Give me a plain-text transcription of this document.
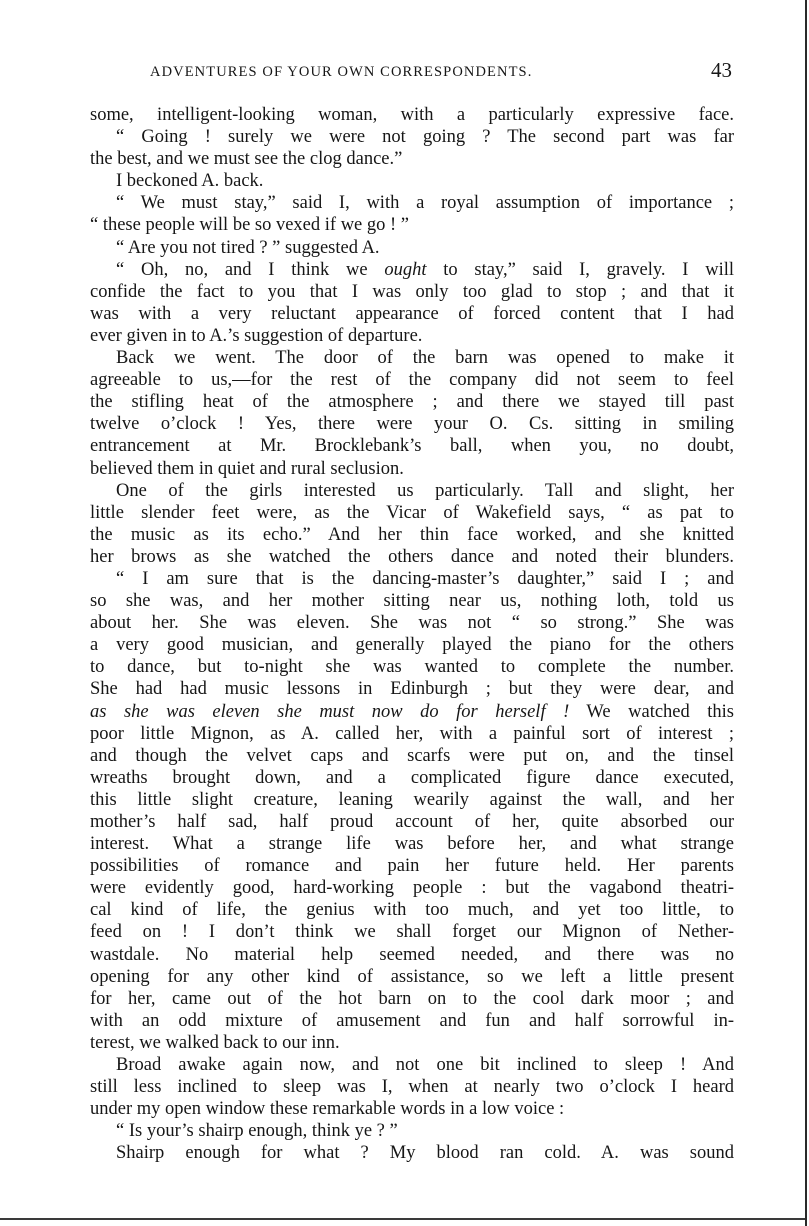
ADVENTURES OF YOUR OWN CORRESPONDENTS.	43
some, intelligent-looking woman, with a particularly expressive face.
“ Going ! surely we were not going ? The second part was far
the best, and we must see the clog dance.”
I beckoned A. back.
“ We must stay,” said I, with a royal assumption of importance ;
“ these people will be so vexed if we go ! ”
“ Are you not tired ? ” suggested A.
“ Oh, no, and I think we ought to stay,” said I, gravely. I will
confide the fact to you that I was only too glad to stop ; and that it
was with a very reluctant appearance of forced content that I had
ever given in to A.’s suggestion of departure.
Back we went. The door of the barn was opened to make it
agreeable to us,—for the rest of the company did not seem to feel
the stifling heat of the atmosphere ; and there we stayed till past
twelve o’clock ! Yes, there were your O. Cs. sitting in smiling
entrancement at Mr. Brocklebank’s ball, when you, no doubt,
believed them in quiet and rural seclusion.
One of the girls interested us particularly. Tall and slight, her
little slender feet were, as the Vicar of Wakefield says, “ as pat to
the music as its echo.” And her thin face worked, and she knitted
her brows as she watched the others dance and noted their blunders.
“ I am sure that is the dancing-master’s daughter,” said I ; and
so she was, and her mother sitting near us, nothing loth, told us
about her. She was eleven. She was not “ so strong.” She was
a very good musician, and generally played the piano for the others
to dance, but to-night she was wanted to complete the number.
She had had music lessons in Edinburgh ; but they were dear, and
as she was eleven she must now do for herself ! We watched this
poor little Mignon, as A. called her, with a painful sort of interest ;
and though the velvet caps and scarfs were put on, and the tinsel
wreaths brought down, and a complicated figure dance executed,
this little slight creature, leaning wearily against the wall, and her
mother’s half sad, half proud account of her, quite absorbed our
interest. What a strange life was before her, and what strange
possibilities of romance and pain her future held. Her parents
were evidently good, hard-working people : but the vagabond theatri-
cal kind of life, the genius with too much, and yet too little, to
feed on ! I don’t think we shall forget our Mignon of Nether-
wastdale. No material help seemed needed, and there was no
opening for any other kind of assistance, so we left a little present
for her, came out of the hot barn on to the cool dark moor ; and
with an odd mixture of amusement and fun and half sorrowful in-
terest, we walked back to our inn.
Broad awake again now, and not one bit inclined to sleep ! And
still less inclined to sleep was I, when at nearly two o’clock I heard
under my open window these remarkable words in a low voice :
“ Is your’s shairp enough, think ye ? ”
Shairp enough for what ? My blood ran cold. A. was sound
